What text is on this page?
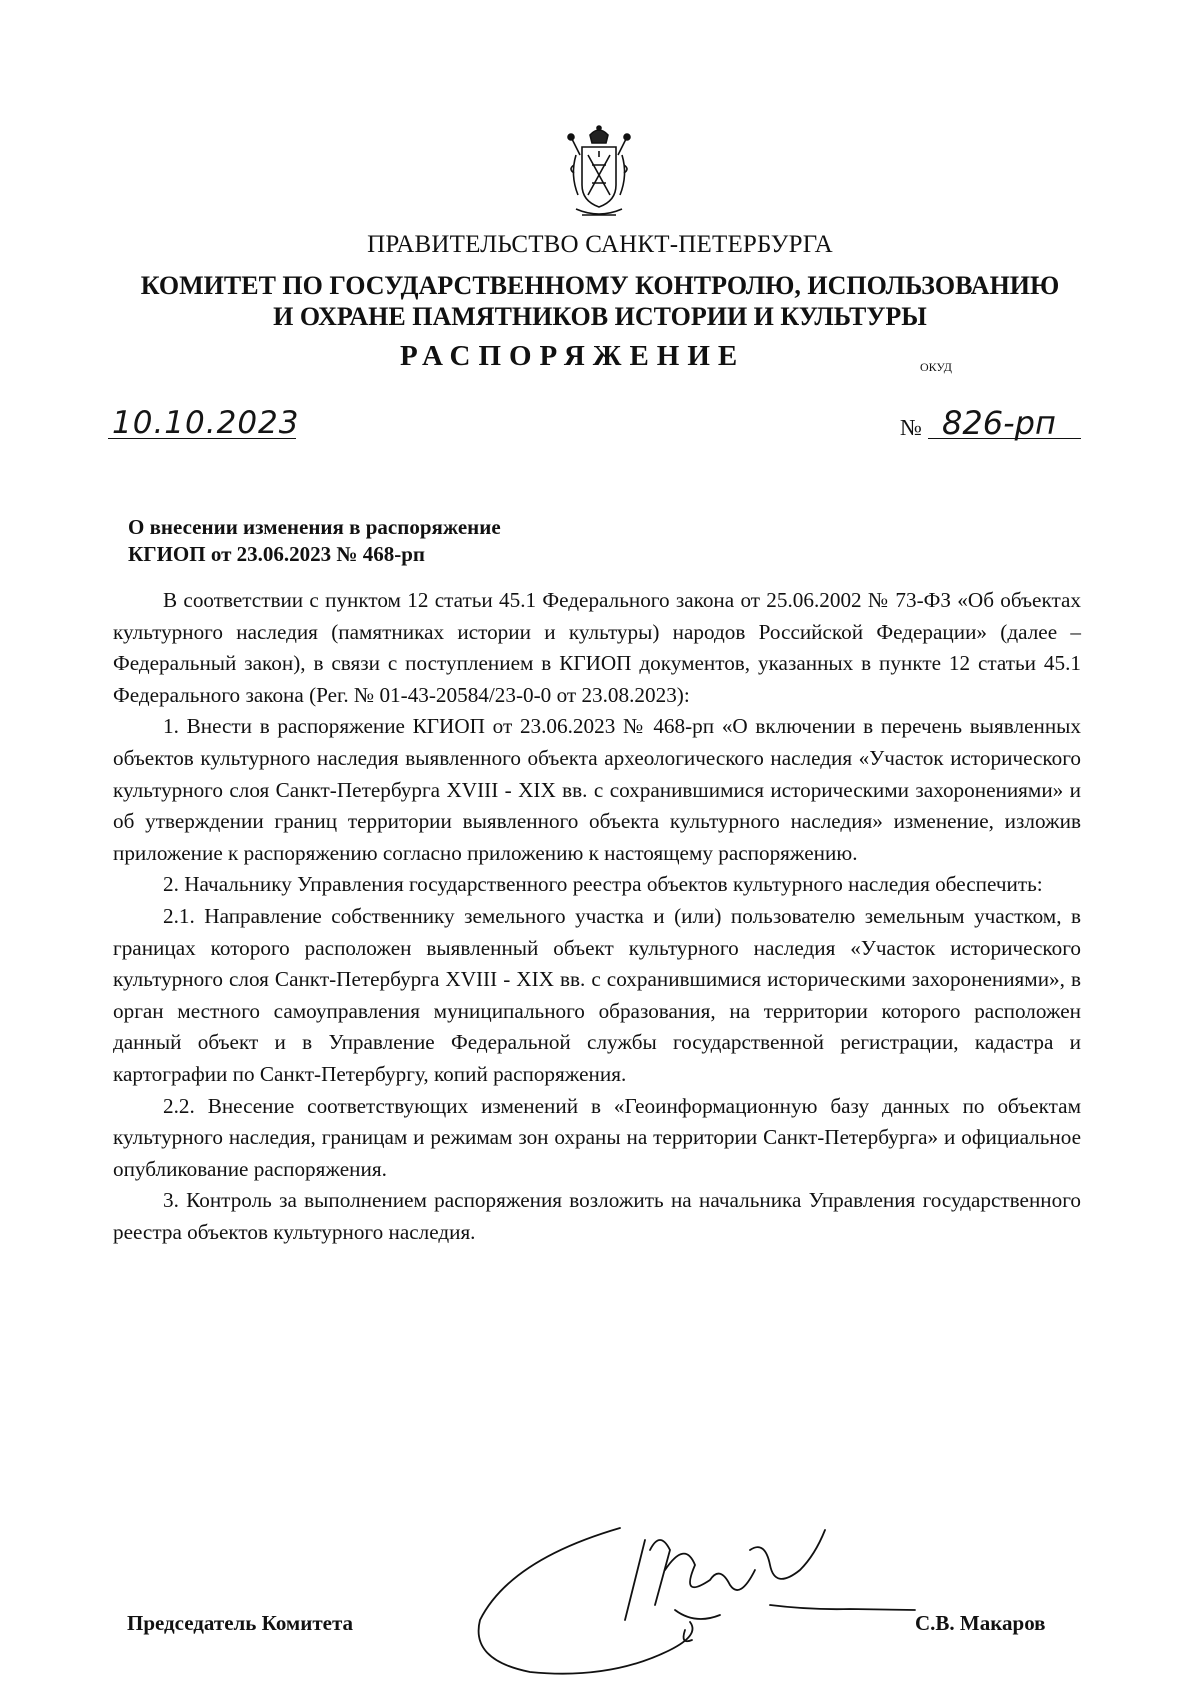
ПРАВИТЕЛЬСТВО САНКТ-ПЕТЕРБУРГА
КОМИТЕТ ПО ГОСУДАРСТВЕННОМУ КОНТРОЛЮ, ИСПОЛЬЗОВАНИЮ
И ОХРАНЕ ПАМЯТНИКОВ ИСТОРИИ И КУЛЬТУРЫ
РАСПОРЯЖЕНИЕ	ОКУД
10.10.2023	№ 826-рп
О внесении изменения в распоряжение
КГИОП от 23.06.2023 № 468-рп

В соответствии с пунктом 12 статьи 45.1 Федерального закона от 25.06.2002 № 73-ФЗ «Об объектах культурного наследия (памятниках истории и культуры) народов Российской Федерации» (далее – Федеральный закон), в связи с поступлением в КГИОП документов, указанных в пункте 12 статьи 45.1 Федерального закона (Рег. № 01-43-20584/23-0-0 от 23.08.2023):

1. Внести в распоряжение КГИОП от 23.06.2023 № 468-рп «О включении в перечень выявленных объектов культурного наследия выявленного объекта археологического наследия «Участок исторического культурного слоя Санкт-Петербурга XVIII - XIX вв. с сохранившимися историческими захоронениями» и об утверждении границ территории выявленного объекта культурного наследия» изменение, изложив приложение к распоряжению согласно приложению к настоящему распоряжению.

2. Начальнику Управления государственного реестра объектов культурного наследия обеспечить:

2.1. Направление собственнику земельного участка и (или) пользователю земельным участком, в границах которого расположен выявленный объект культурного наследия «Участок исторического культурного слоя Санкт-Петербурга XVIII - XIX вв. с сохранившимися историческими захоронениями», в орган местного самоуправления муниципального образования, на территории которого расположен данный объект и в Управление Федеральной службы государственной регистрации, кадастра и картографии по Санкт-Петербургу, копий распоряжения.

2.2. Внесение соответствующих изменений в «Геоинформационную базу данных по объектам культурного наследия, границам и режимам зон охраны на территории Санкт-Петербурга» и официальное опубликование распоряжения.

3. Контроль за выполнением распоряжения возложить на начальника Управления государственного реестра объектов культурного наследия.

Председатель Комитета	С.В. Макаров
